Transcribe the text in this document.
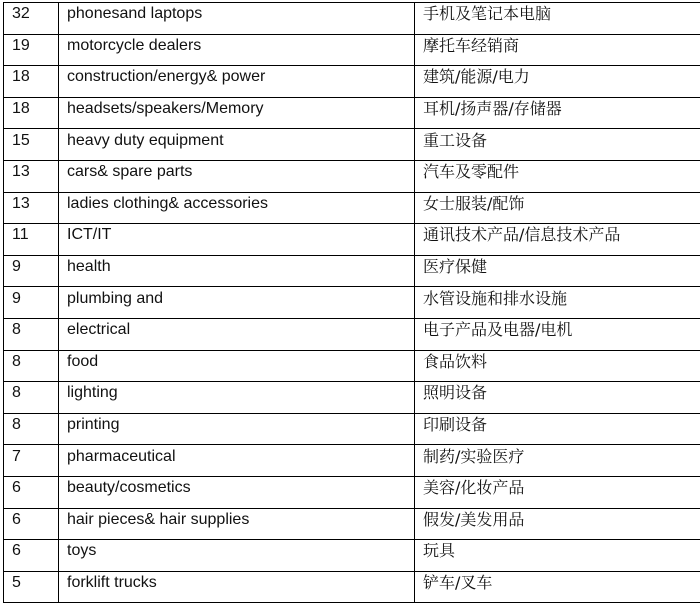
32	phonesand laptops	手机及笔记本电脑
19	motorcycle dealers	摩托车经销商
18	construction/energy& power	建筑/能源/电力
18	headsets/speakers/Memory	耳机/扬声器/存储器
15	heavy duty equipment	重工设备
13	cars& spare parts	汽车及零配件
13	ladies clothing& accessories	女士服装/配饰
11	ICT/IT	通讯技术产品/信息技术产品
9	health	医疗保健
9	plumbing and	水管设施和排水设施
8	electrical	电子产品及电器/电机
8	food	食品饮料
8	lighting	照明设备
8	printing	印刷设备
7	pharmaceutical	制药/实验医疗
6	beauty/cosmetics	美容/化妆产品
6	hair pieces& hair supplies	假发/美发用品
6	toys	玩具
5	forklift trucks	铲车/叉车
